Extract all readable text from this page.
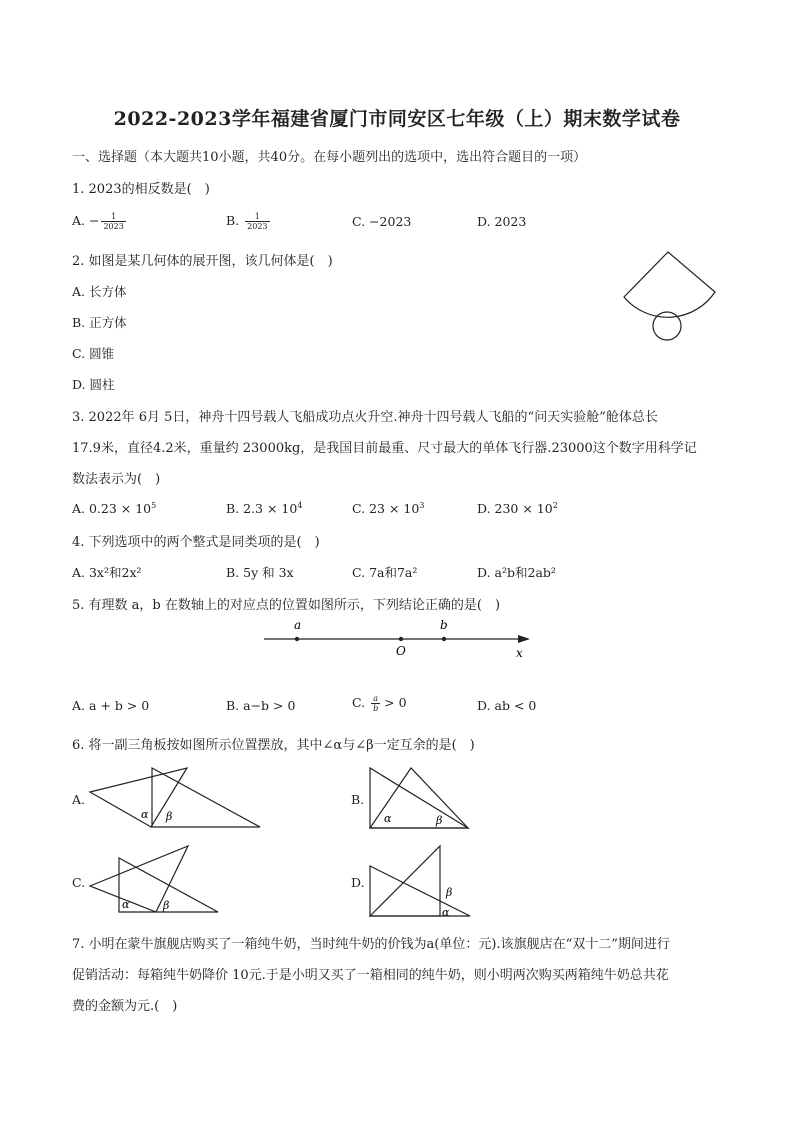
2022-2023学年福建省厦门市同安区七年级（上）期末数学试卷
一、选择题（本大题共10小题，共40分。在每小题列出的选项中，选出符合题目的一项）
1. 2023的相反数是(　)
A. − $\frac{1}{2023}$	B. $\frac{1}{2023}$	C. −2023	D. 2023
2. 如图是某几何体的展开图，该几何体是(　)
A. 长方体
B. 正方体
C. 圆锥
D. 圆柱
3. 2022年 6月 5日，神舟十四号载人飞船成功点火升空.神舟十四号载人飞船的“问天实验舱”舱体总长
17.9米，直径4.2米，重量约 23000kg，是我国目前最重、尺寸最大的单体飞行器.23000这个数字用科学记
数法表示为(　)
A. $0.23 \times 10^5$	B. $2.3 \times 10^4$	C. $23 \times 10^3$	D. $230 \times 10^2$
4. 下列选项中的两个整式是同类项的是(　)
A. 3x²和2x²	B. 5y 和 3x	C. 7a和7a²	D. a²b和2ab²
5. 有理数 a，b 在数轴上的对应点的位置如图所示，下列结论正确的是(　)
a	b
O	x
A. a + b > 0	B. a−b > 0	C. $\frac{a}{b} > 0$	D. ab < 0
6. 将一副三角板按如图所示位置摆放，其中∠α与∠β一定互余的是(　)
A.
α β
B.
α	β
C.
α	β
D.
β
α
7. 小明在蒙牛旗舰店购买了一箱纯牛奶，当时纯牛奶的价钱为a(单位：元).该旗舰店在“双十二”期间进行
促销活动：每箱纯牛奶降价 10元.于是小明又买了一箱相同的纯牛奶，则小明两次购买两箱纯牛奶总共花
费的金额为元.(　)
